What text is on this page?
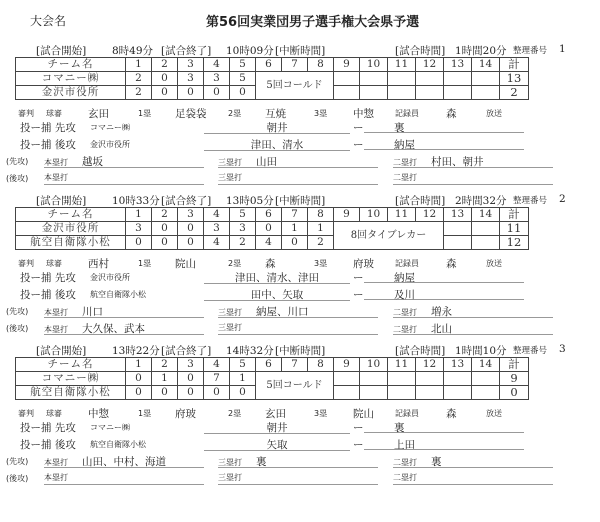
大会名	第56回実業団男子選手権大会県予選
[試合開始] 8時49分 [試合終了] 10時09分 [中断時間]	[試合時間] 1時間20分 整理番号 1
チーム名	1	2	3	4	5	6	7	8	9	10	11	12	13	14	計
コマニー㈱	2	0	3	3	5	5回コールド									13
金沢市役所	2	0	0	0	0										2
審判 球審 玄田	1塁 足袋袋	2塁 互焼	3塁 中惣	記録員	森	放送
投ー捕 先攻 コマニー㈱	朝井	ー	裏
投ー捕 後攻 金沢市役所	津田、清水	ー	納屋
(先攻) 本塁打 越坂	三塁打 山田	二塁打 村田、朝井
(後攻) 本塁打	三塁打	二塁打
[試合開始] 10時33分 [試合終了] 13時05分 [中断時間]	[試合時間] 2時間32分 整理番号 2
チーム名	1	2	3	4	5	6	7	8	9	10	11	12	13	14	計
金沢市役所	3	0	0	3	3	0	1	1	8回タイブレカー						11
航空自衛隊小松	0	0	0	4	2	4	0	2							12
審判 球審 西村	1塁 院山	2塁 森	3塁 府玻	記録員	森	放送
投ー捕 先攻 金沢市役所	津田、清水、津田	ー	納屋
投ー捕 後攻 航空自衛隊小松	田中、矢取	ー	及川
(先攻) 本塁打 川口	三塁打 納屋、川口	二塁打 増永
(後攻) 本塁打 大久保、武本	三塁打	二塁打 北山
[試合開始] 13時22分 [試合終了] 14時32分 [中断時間]	[試合時間] 1時間10分 整理番号 3
チーム名	1	2	3	4	5	6	7	8	9	10	11	12	13	14	計
コマニー㈱	0	1	0	7	1	5回コールド									9
航空自衛隊小松	0	0	0	0	0										0
審判 球審 中惣	1塁 府玻	2塁 玄田	3塁 院山	記録員	森	放送
投ー捕 先攻 コマニー㈱	朝井	ー	裏
投ー捕 後攻 航空自衛隊小松	矢取	ー	上田
(先攻) 本塁打 山田、中村、海道	三塁打 裏	二塁打 裏
(後攻) 本塁打	三塁打	二塁打
